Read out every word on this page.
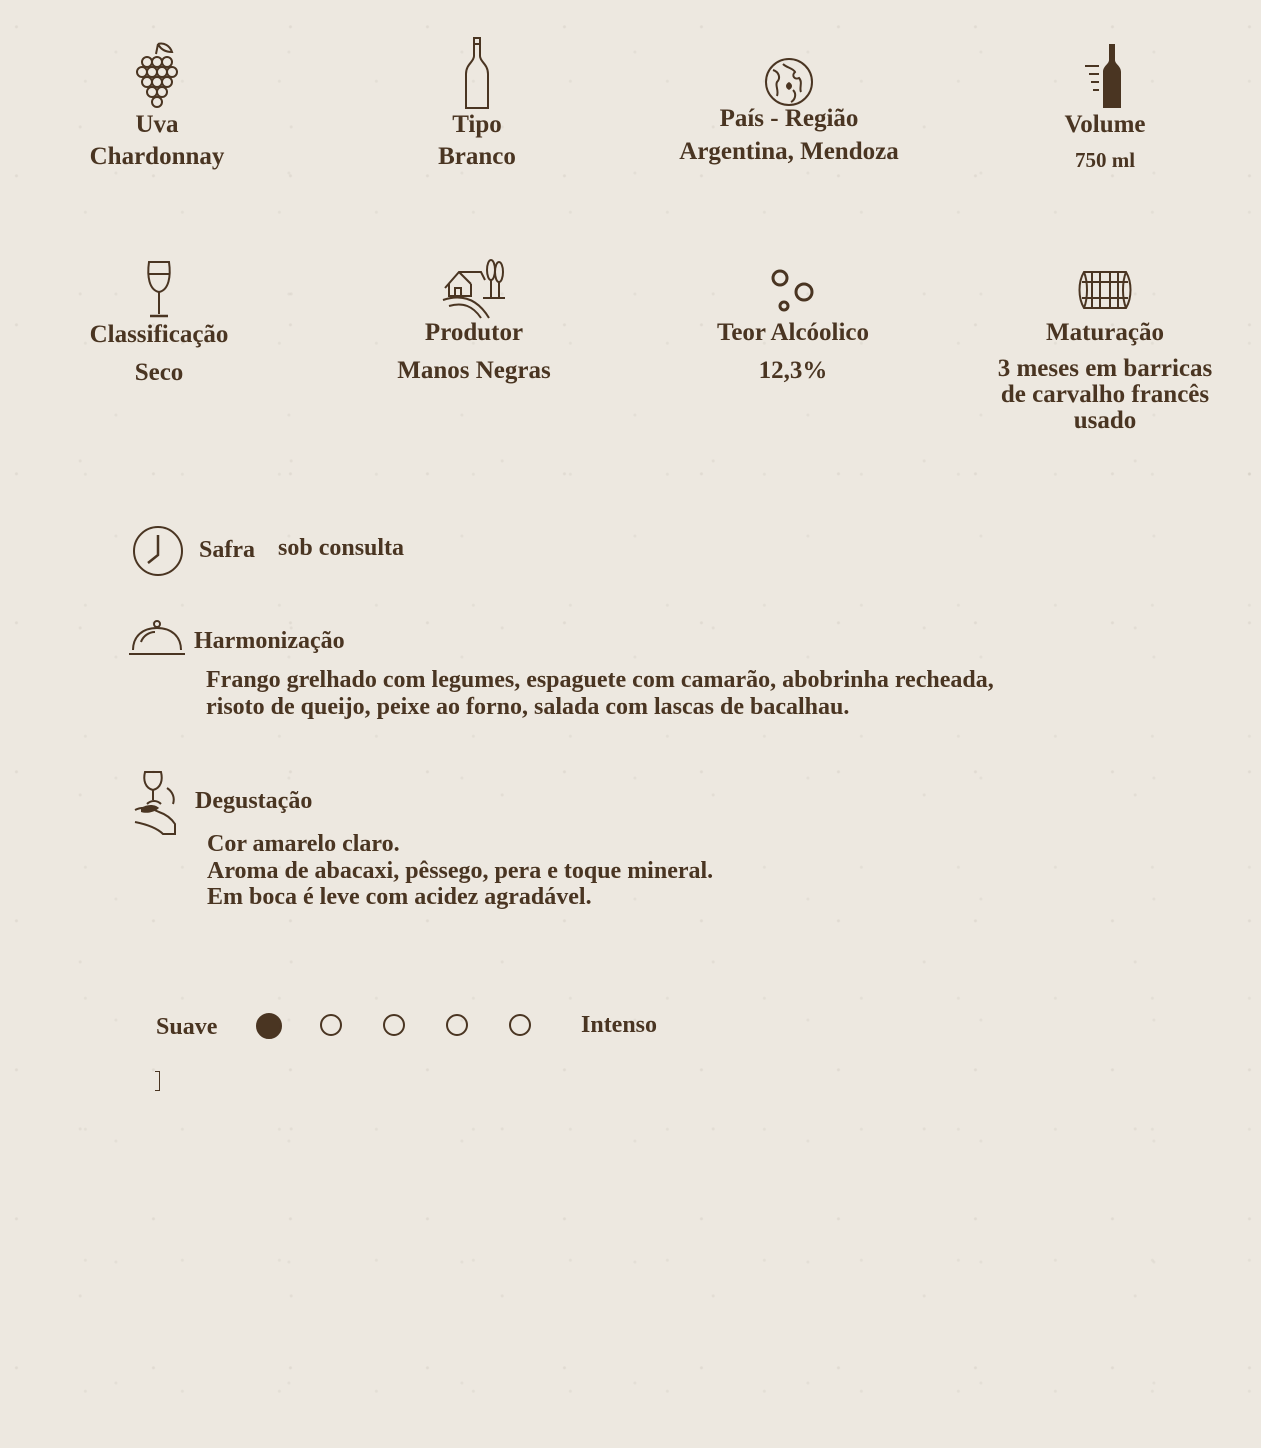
Uva
Chardonnay
Tipo
Branco
País - Região
Argentina, Mendoza
Volume
750 ml
Classificação
Seco
Produtor
Manos Negras
Teor Alcóolico
12,3%
Maturação
3 meses em barricas
de carvalho francês
usado
Safra sob consulta
Harmonização
Frango grelhado com legumes, espaguete com camarão, abobrinha recheada,
risoto de queijo, peixe ao forno, salada com lascas de bacalhau.
Degustação
Cor amarelo claro.
Aroma de abacaxi, pêssego, pera e toque mineral.
Em boca é leve com acidez agradável.
Suave	Intenso
